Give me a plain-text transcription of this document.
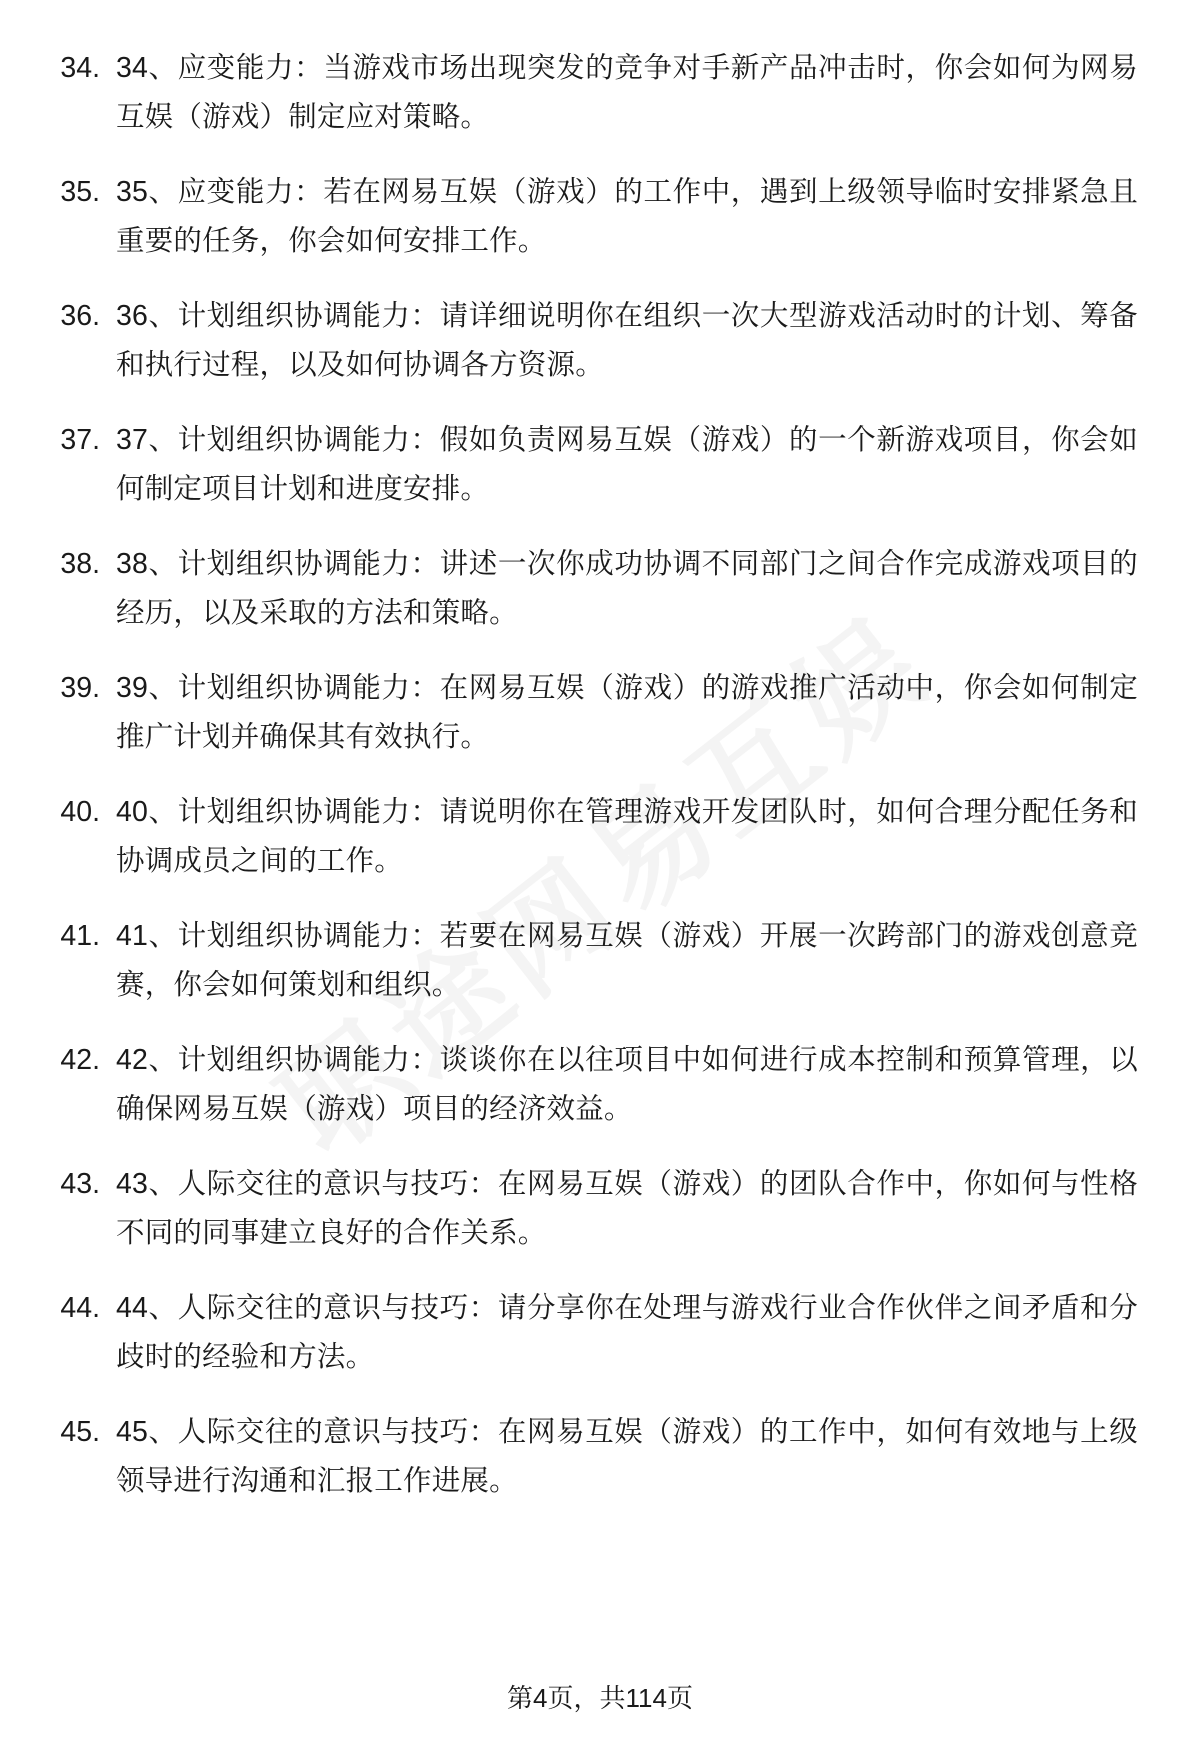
34. 34、应变能力：当游戏市场出现突发的竞争对手新产品冲击时，你会如何为网易互娱（游戏）制定应对策略。
35. 35、应变能力：若在网易互娱（游戏）的工作中，遇到上级领导临时安排紧急且重要的任务，你会如何安排工作。
36. 36、计划组织协调能力：请详细说明你在组织一次大型游戏活动时的计划、筹备和执行过程，以及如何协调各方资源。
37. 37、计划组织协调能力：假如负责网易互娱（游戏）的一个新游戏项目，你会如何制定项目计划和进度安排。
38. 38、计划组织协调能力：讲述一次你成功协调不同部门之间合作完成游戏项目的经历，以及采取的方法和策略。
39. 39、计划组织协调能力：在网易互娱（游戏）的游戏推广活动中，你会如何制定推广计划并确保其有效执行。
40. 40、计划组织协调能力：请说明你在管理游戏开发团队时，如何合理分配任务和协调成员之间的工作。
41. 41、计划组织协调能力：若要在网易互娱（游戏）开展一次跨部门的游戏创意竞赛，你会如何策划和组织。
42. 42、计划组织协调能力：谈谈你在以往项目中如何进行成本控制和预算管理，以确保网易互娱（游戏）项目的经济效益。
43. 43、人际交往的意识与技巧：在网易互娱（游戏）的团队合作中，你如何与性格不同的同事建立良好的合作关系。
44. 44、人际交往的意识与技巧：请分享你在处理与游戏行业合作伙伴之间矛盾和分歧时的经验和方法。
45. 45、人际交往的意识与技巧：在网易互娱（游戏）的工作中，如何有效地与上级领导进行沟通和汇报工作进展。
第4页，共114页
